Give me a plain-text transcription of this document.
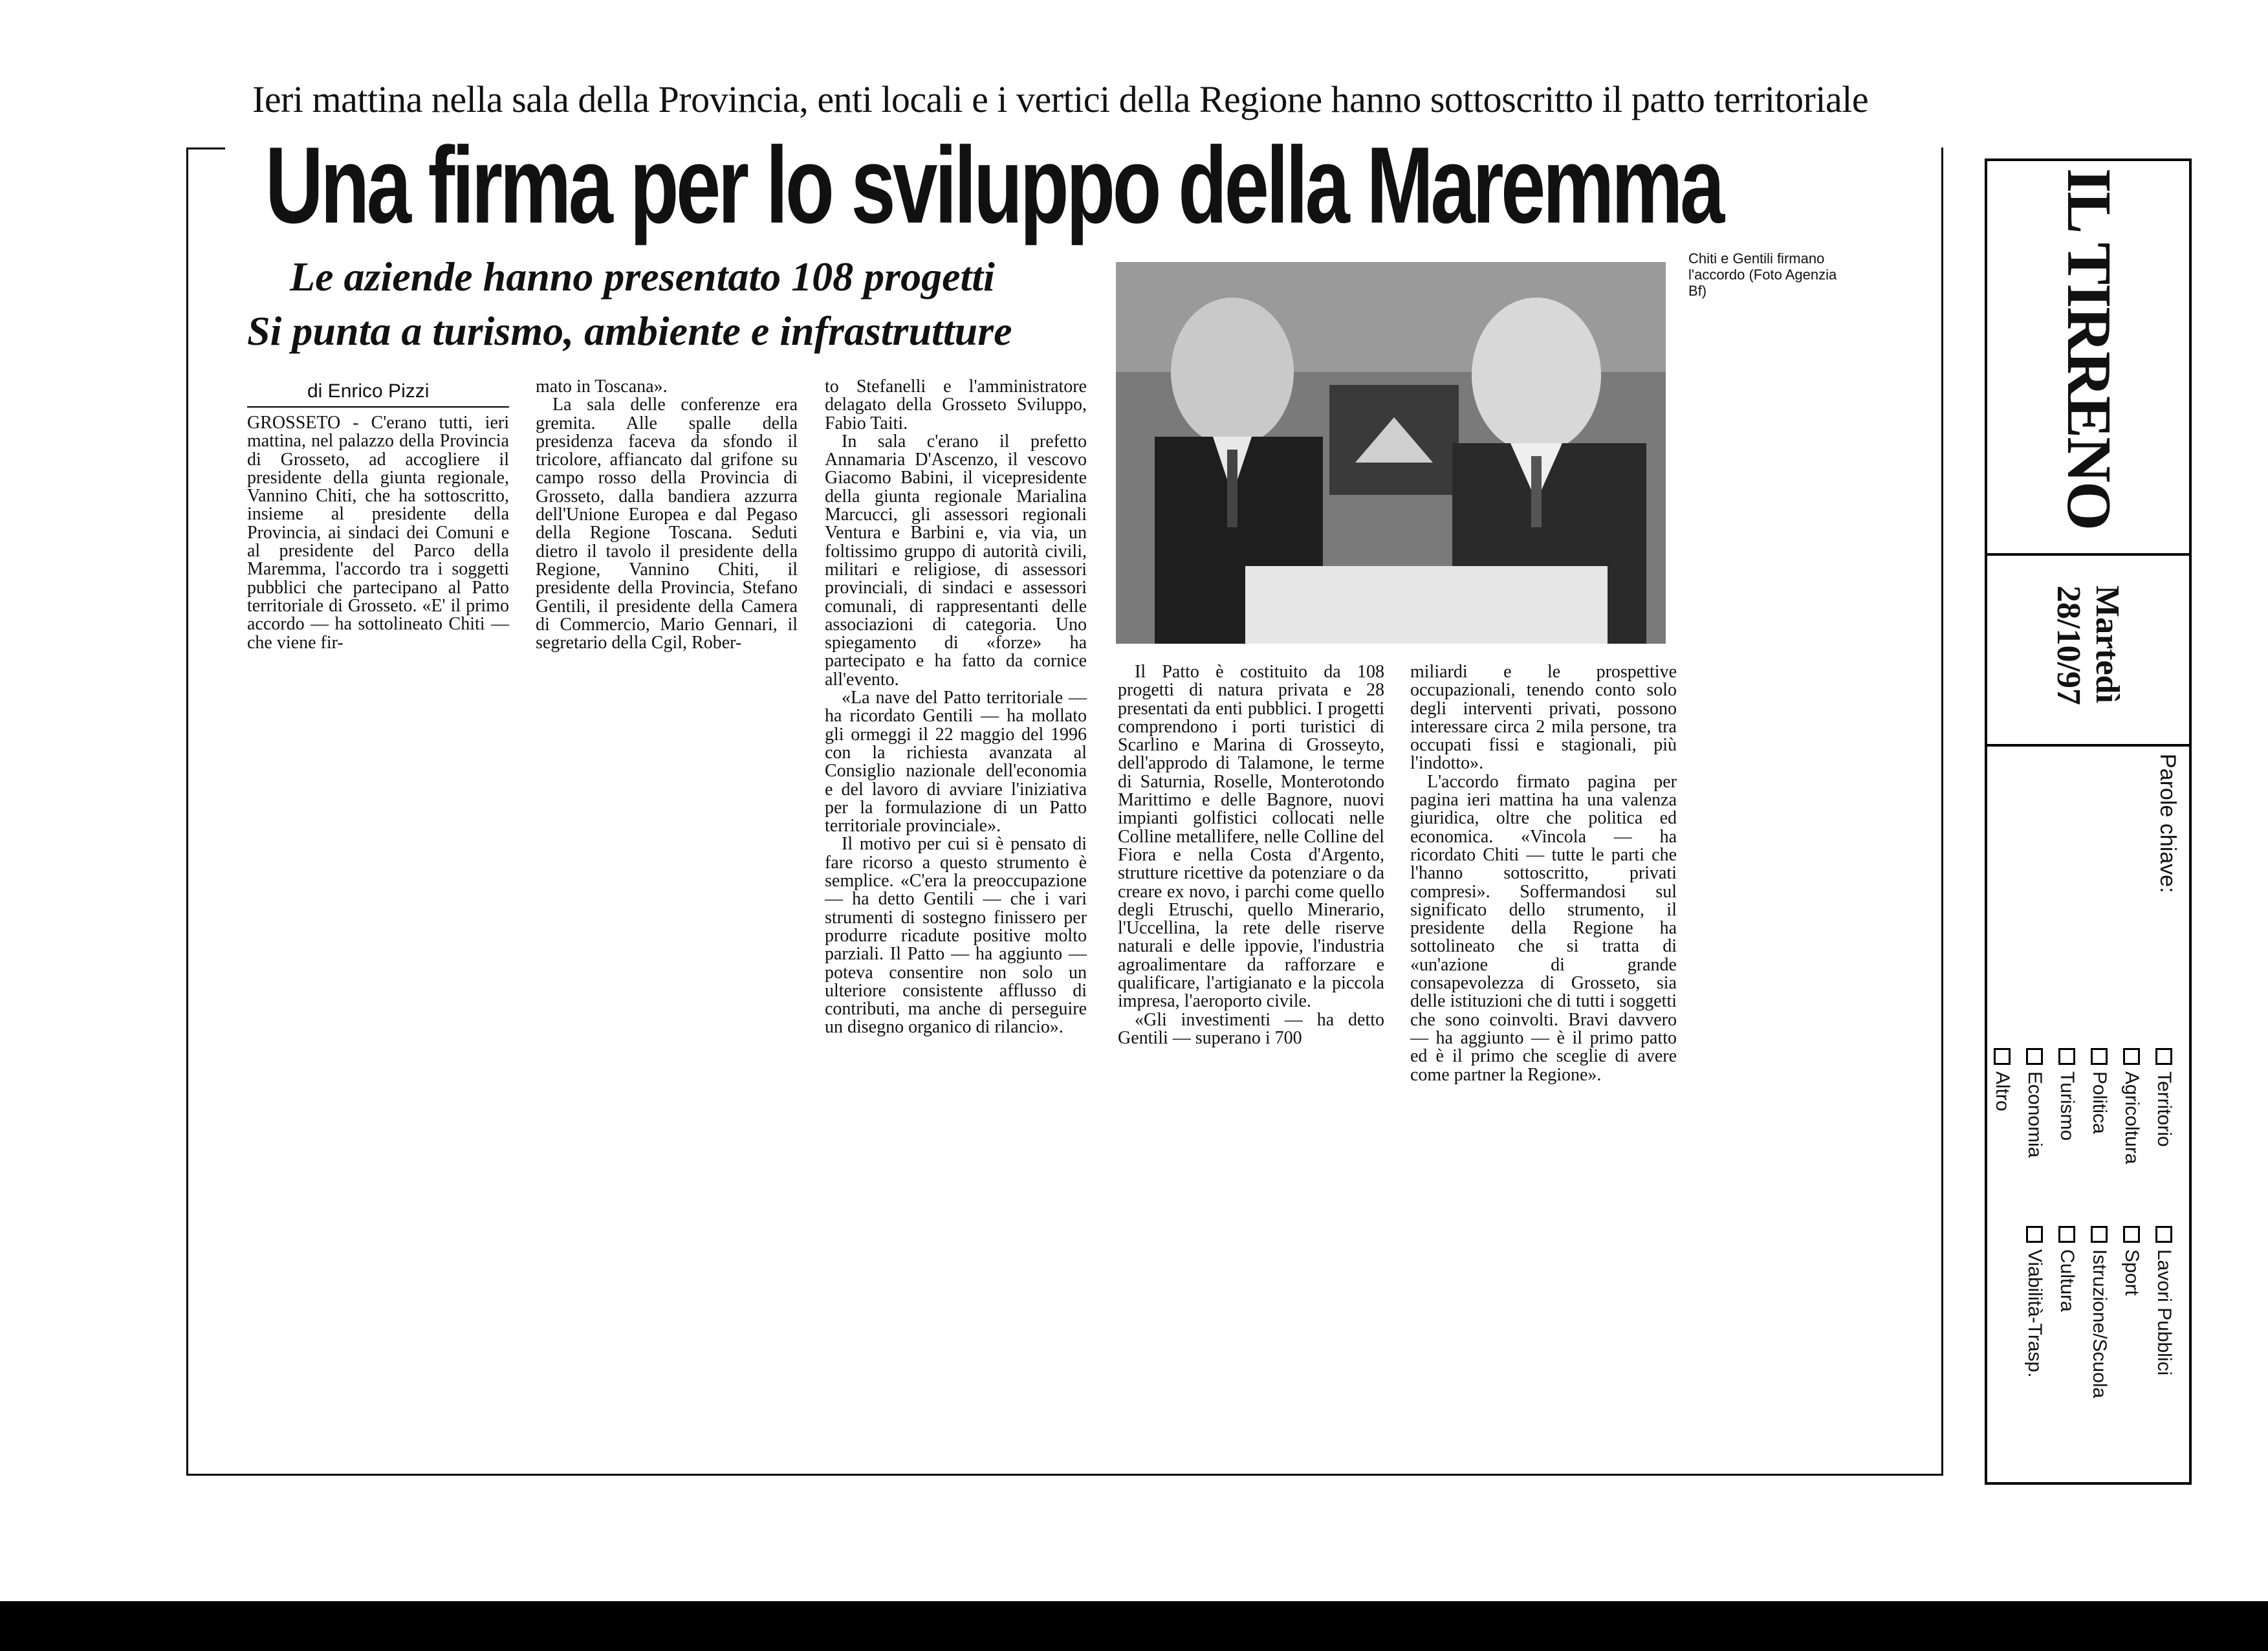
Ieri mattina nella sala della Provincia, enti locali e i vertici della Regione hanno sottoscritto il patto territoriale
Una firma per lo sviluppo della Maremma
Le aziende hanno presentato 108 progetti
Si punta a turismo, ambiente e infrastrutture
di Enrico Pizzi

GROSSETO - C'erano tutti, ieri mattina, nel palazzo della Provincia di Grosseto, ad accogliere il presidente della giunta regionale, Vannino Chiti, che ha sottoscritto, insieme al presidente della Provincia, ai sindaci dei Comuni e al presidente del Parco della Maremma, l'accordo tra i soggetti pubblici che partecipano al Patto territoriale di Grosseto. «E' il primo accordo — ha sottolineato Chiti — che viene fir-

mato in Toscana».

La sala delle conferenze era gremita. Alle spalle della presidenza faceva da sfondo il tricolore, affiancato dal grifone su campo rosso della Provincia di Grosseto, dalla bandiera azzurra dell'Unione Europea e dal Pegaso della Regione Toscana. Seduti dietro il tavolo il presidente della Regione, Vannino Chiti, il presidente della Provincia, Stefano Gentili, il presidente della Camera di Commercio, Mario Gennari, il segretario della Cgil, Rober-

to Stefanelli e l'amministratore delagato della Grosseto Sviluppo, Fabio Taiti.

In sala c'erano il prefetto Annamaria D'Ascenzo, il vescovo Giacomo Babini, il vicepresidente della giunta regionale Marialina Marcucci, gli assessori regionali Ventura e Barbini e, via via, un foltissimo gruppo di autorità civili, militari e religiose, di assessori provinciali, di sindaci e assessori comunali, di rappresentanti delle associazioni di categoria. Uno spiegamento di «forze» ha partecipato e ha fatto da cornice all'evento.

«La nave del Patto territoriale — ha ricordato Gentili — ha mollato gli ormeggi il 22 maggio del 1996 con la richiesta avanzata al Consiglio nazionale dell'economia e del lavoro di avviare l'iniziativa per la formulazione di un Patto territoriale provinciale».

Il motivo per cui si è pensato di fare ricorso a questo strumento è semplice. «C'era la preoccupazione — ha detto Gentili — che i vari strumenti di sostegno finissero per produrre ricadute positive molto parziali. Il Patto — ha aggiunto — poteva consentire non solo un ulteriore consistente afflusso di contributi, ma anche di perseguire un disegno organico di rilancio».

Chiti e Gentili firmano l'accordo (Foto Agenzia Bf)

Il Patto è costituito da 108 progetti di natura privata e 28 presentati da enti pubblici. I progetti comprendono i porti turistici di Scarlino e Marina di Grosseyto, dell'approdo di Talamone, le terme di Saturnia, Roselle, Monterotondo Marittimo e delle Bagnore, nuovi impianti golfistici collocati nelle Colline metallifere, nelle Colline del Fiora e nella Costa d'Argento, strutture ricettive da potenziare o da creare ex novo, i parchi come quello degli Etruschi, quello Minerario, l'Uccellina, la rete delle riserve naturali e delle ippovie, l'industria agroalimentare da rafforzare e qualificare, l'artigianato e la piccola impresa, l'aeroporto civile.

«Gli investimenti — ha detto Gentili — superano i 700

miliardi e le prospettive occupazionali, tenendo conto solo degli interventi privati, possono interessare circa 2 mila persone, tra occupati fissi e stagionali, più l'indotto».

L'accordo firmato pagina per pagina ieri mattina ha una valenza giuridica, oltre che politica ed economica. «Vincola — ha ricordato Chiti — tutte le parti che l'hanno sottoscritto, privati compresi». Soffermandosi sul significato dello strumento, il presidente della Regione ha sottolineato che si tratta di «un'azione di grande consapevolezza di Grosseto, sia delle istituzioni che di tutti i soggetti che sono coinvolti. Bravi davvero — ha aggiunto — è il primo patto ed è il primo che sceglie di avere come partner la Regione».

IL TIRRENO
Martedì
28/10/97
Parole chiave:
Territorio
Agricoltura
Politica
Turismo
Economia
Altro
Lavori Pubblici
Sport
Istruzione/Scuola
Cultura
Viabilità-Trasp.
